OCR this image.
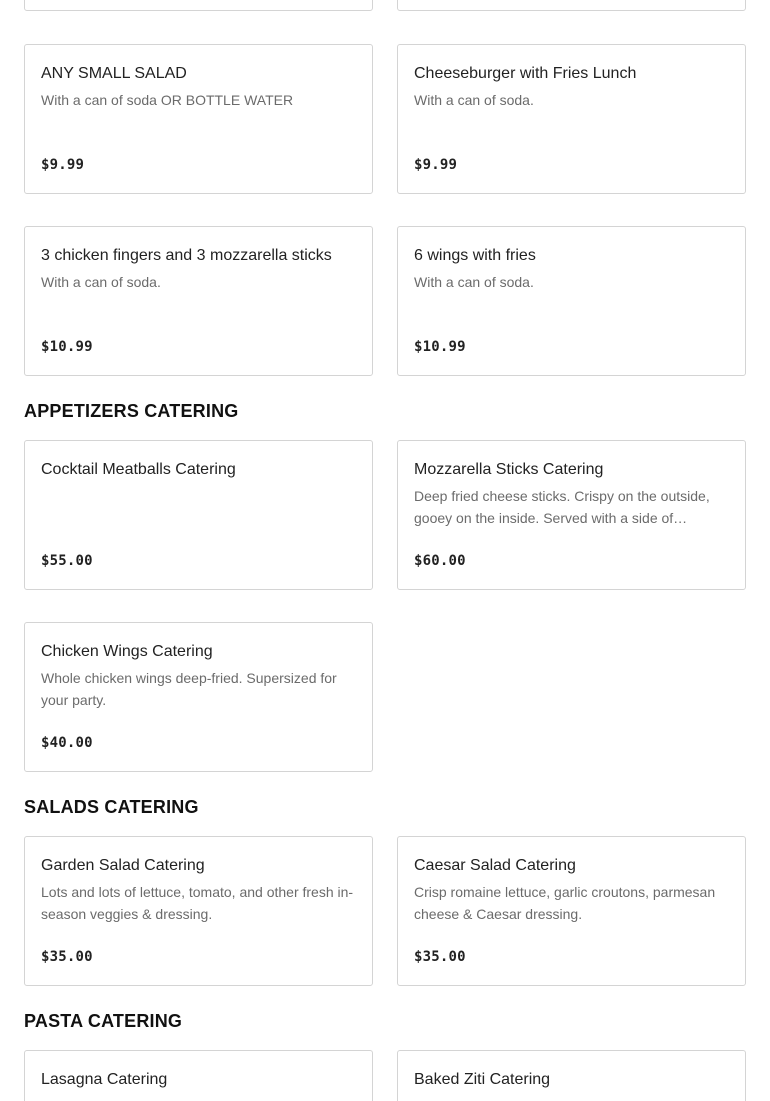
ANY SMALL SALAD
With a can of soda OR BOTTLE WATER
$9.99
Cheeseburger with Fries Lunch
With a can of soda.
$9.99
3 chicken fingers and 3 mozzarella sticks
With a can of soda.
$10.99
6 wings with fries
With a can of soda.
$10.99
APPETIZERS CATERING
Cocktail Meatballs Catering
$55.00
Mozzarella Sticks Catering
Deep fried cheese sticks. Crispy on the outside, gooey on the inside. Served with a side of…
$60.00
Chicken Wings Catering
Whole chicken wings deep-fried. Supersized for your party.
$40.00
SALADS CATERING
Garden Salad Catering
Lots and lots of lettuce, tomato, and other fresh in-season veggies & dressing.
$35.00
Caesar Salad Catering
Crisp romaine lettuce, garlic croutons, parmesan cheese & Caesar dressing.
$35.00
PASTA CATERING
Lasagna Catering	Baked Ziti Catering
